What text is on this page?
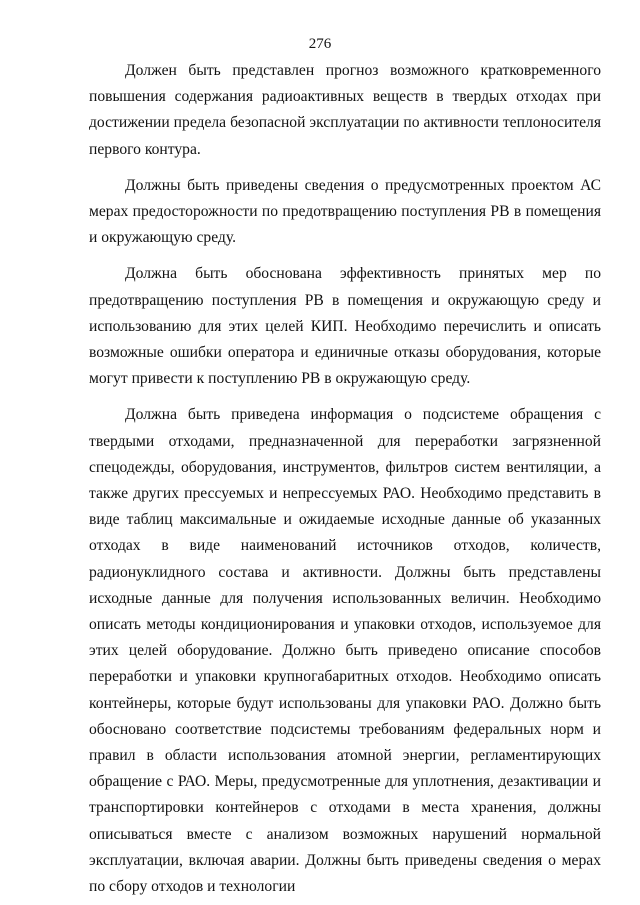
276

Должен быть представлен прогноз возможного кратковременного повышения содержания радиоактивных веществ в твердых отходах при достижении предела безопасной эксплуатации по активности теплоносителя первого контура.

Должны быть приведены сведения о предусмотренных проектом АС мерах предосторожности по предотвращению поступления РВ в помещения и окружающую среду.

Должна быть обоснована эффективность принятых мер по предотвращению поступления РВ в помещения и окружающую среду и использованию для этих целей КИП. Необходимо перечислить и описать возможные ошибки оператора и единичные отказы оборудования, которые могут привести к поступлению РВ в окружающую среду.

Должна быть приведена информация о подсистеме обращения с твердыми отходами, предназначенной для переработки загрязненной спецодежды, оборудования, инструментов, фильтров систем вентиляции, а также других прессуемых и непрессуемых РАО. Необходимо представить в виде таблиц максимальные и ожидаемые исходные данные об указанных отходах в виде наименований источников отходов, количеств, радионуклидного состава и активности. Должны быть представлены исходные данные для получения использованных величин. Необходимо описать методы кондиционирования и упаковки отходов, используемое для этих целей оборудование. Должно быть приведено описание способов переработки и упаковки крупногабаритных отходов. Необходимо описать контейнеры, которые будут использованы для упаковки РАО. Должно быть обосновано соответствие подсистемы требованиям федеральных норм и правил в области использования атомной энергии, регламентирующих обращение с РАО. Меры, предусмотренные для уплотнения, дезактивации и транспортировки контейнеров с отходами в места хранения, должны описываться вместе с анализом возможных нарушений нормальной эксплуатации, включая аварии. Должны быть приведены сведения о мерах по сбору отходов и технологии
